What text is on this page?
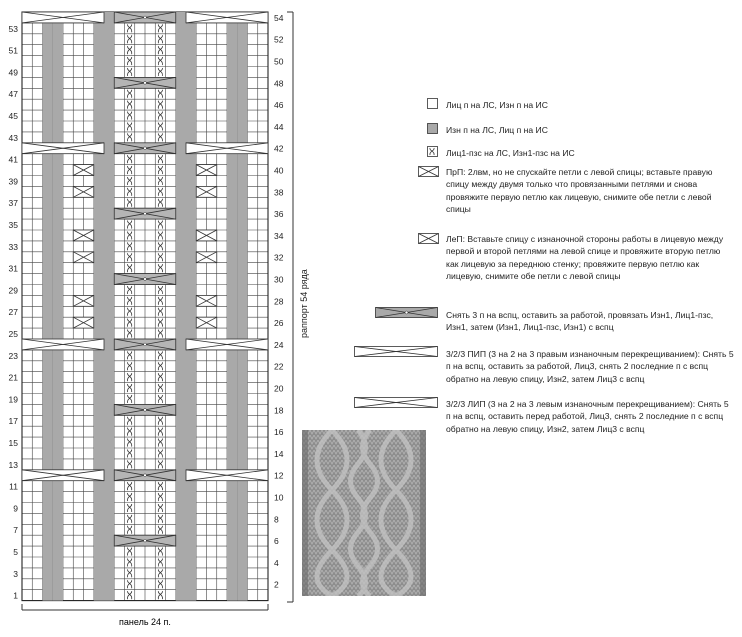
1
3
5
7
9
11
13
15
17
19
21
23
25
27
29
31
33
35
37
39
41
43
45
47
49
51
53
2
4
6
8
10
12
14
16
18
20
22
24
26
28
30
32
34
36
38
40
42
44
46
48
50
52
54
панель 24 п.
раппорт 54 ряда
Лиц п на ЛС, Изн п на ИС
Изн п на ЛС, Лиц п на ИС
Лиц1-пзс на ЛС, Изн1-пзс на ИС
ПрП: 2лвм, но не спускайте петли с левой спицы; вставьте правую спицу между двумя только что провязанными петлями и снова провяжите первую петлю как лицевую, снимите обе петли с левой спицы
ЛеП: Вставьте спицу с изнаночной стороны работы в лицевую между первой и второй петлями на левой спице и провяжите вторую петлю как лицевую за переднюю стенку; провяжите первую петлю как лицевую, снимите обе петли с левой спицы
Снять 3 п на вспц, оставить за работой, провязать Изн1, Лиц1-пзс, Изн1, затем (Изн1, Лиц1-пзс, Изн1) с вспц
3/2/3 ПИП (3 на 2 на 3 правым изнаночным перекрещиванием): Снять 5 п на вспц, оставить за работой, Лиц3, снять 2 последние п с вспц обратно на левую спицу, Изн2, затем Лиц3 с вспц
3/2/3 ЛИП (3 на 2 на 3 левым изнаночным перекрещиванием): Снять 5 п на вспц, оставить перед работой, Лиц3, снять 2 последние п с вспц обратно на левую спицу, Изн2, затем Лиц3 с вспц
